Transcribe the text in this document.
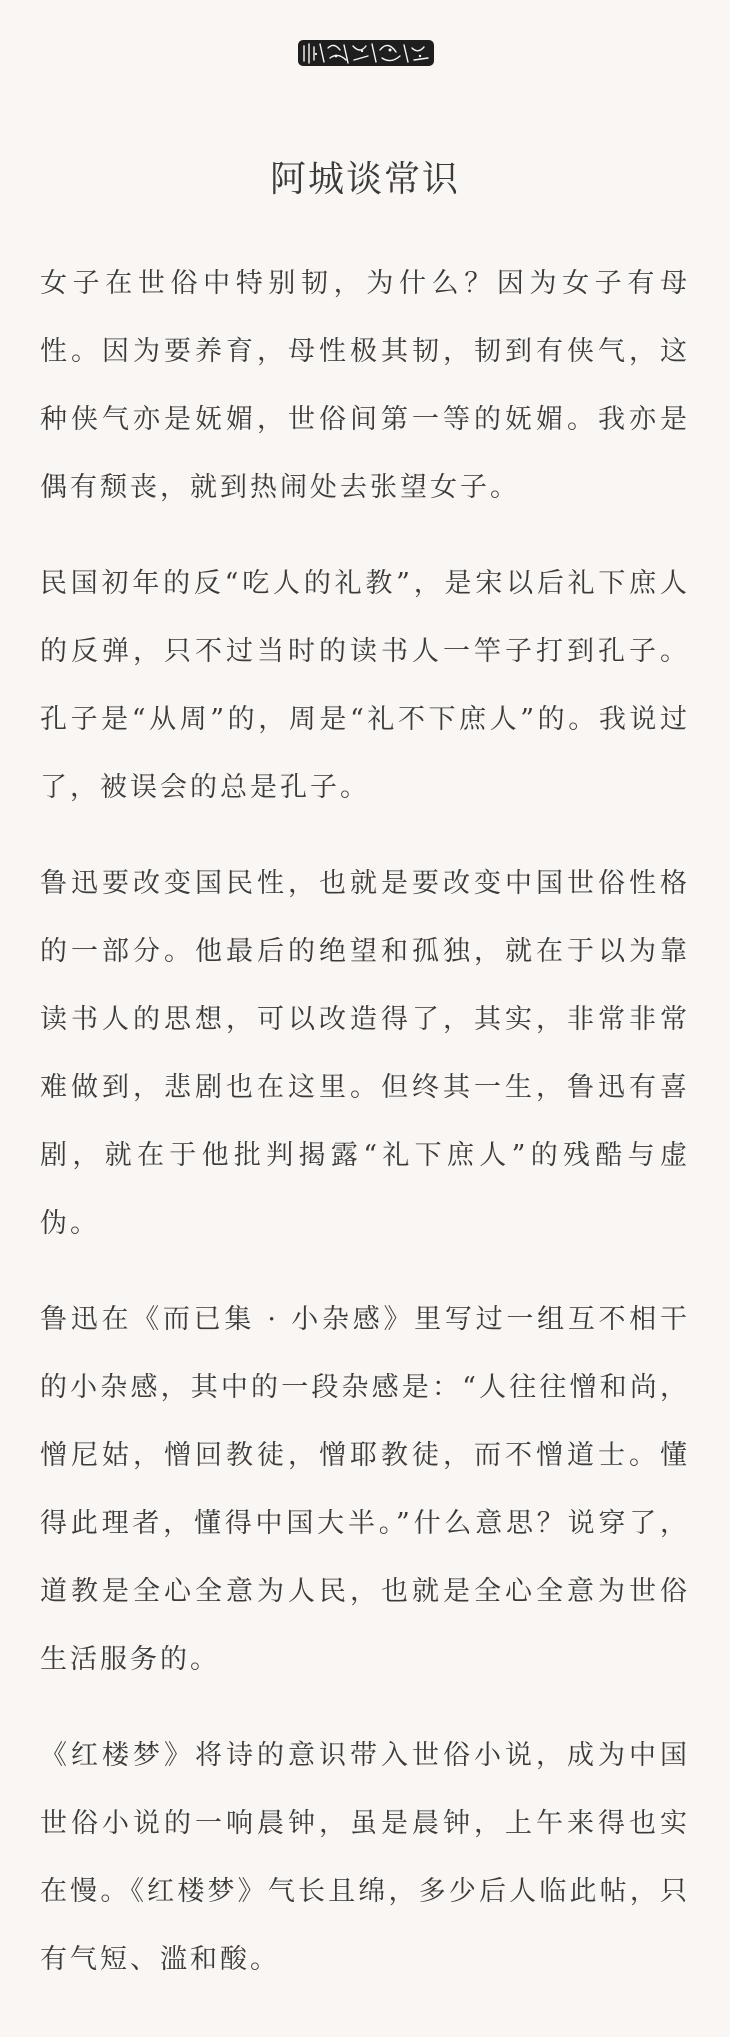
阿城谈常识

女子在世俗中特别韧，为什么？因为女子有母性。因为要养育，母性极其韧，韧到有侠气，这种侠气亦是妩媚，世俗间第一等的妩媚。我亦是偶有颓丧，就到热闹处去张望女子。

民国初年的反“吃人的礼教”，是宋以后礼下庶人的反弹，只不过当时的读书人一竿子打到孔子。孔子是“从周”的，周是“礼不下庶人”的。我说过了，被误会的总是孔子。

鲁迅要改变国民性，也就是要改变中国世俗性格的一部分。他最后的绝望和孤独，就在于以为靠读书人的思想，可以改造得了，其实，非常非常难做到，悲剧也在这里。但终其一生，鲁迅有喜剧，就在于他批判揭露“礼下庶人”的残酷与虚伪。

鲁迅在《而已集 · 小杂感》里写过一组互不相干的小杂感，其中的一段杂感是：“人往往憎和尚，憎尼姑，憎回教徒，憎耶教徒，而不憎道士。懂得此理者，懂得中国大半。”什么意思？说穿了，道教是全心全意为人民，也就是全心全意为世俗生活服务的。

《红楼梦》将诗的意识带入世俗小说，成为中国世俗小说的一响晨钟，虽是晨钟，上午来得也实在慢。《红楼梦》气长且绵，多少后人临此帖，只有气短、滥和酸。
